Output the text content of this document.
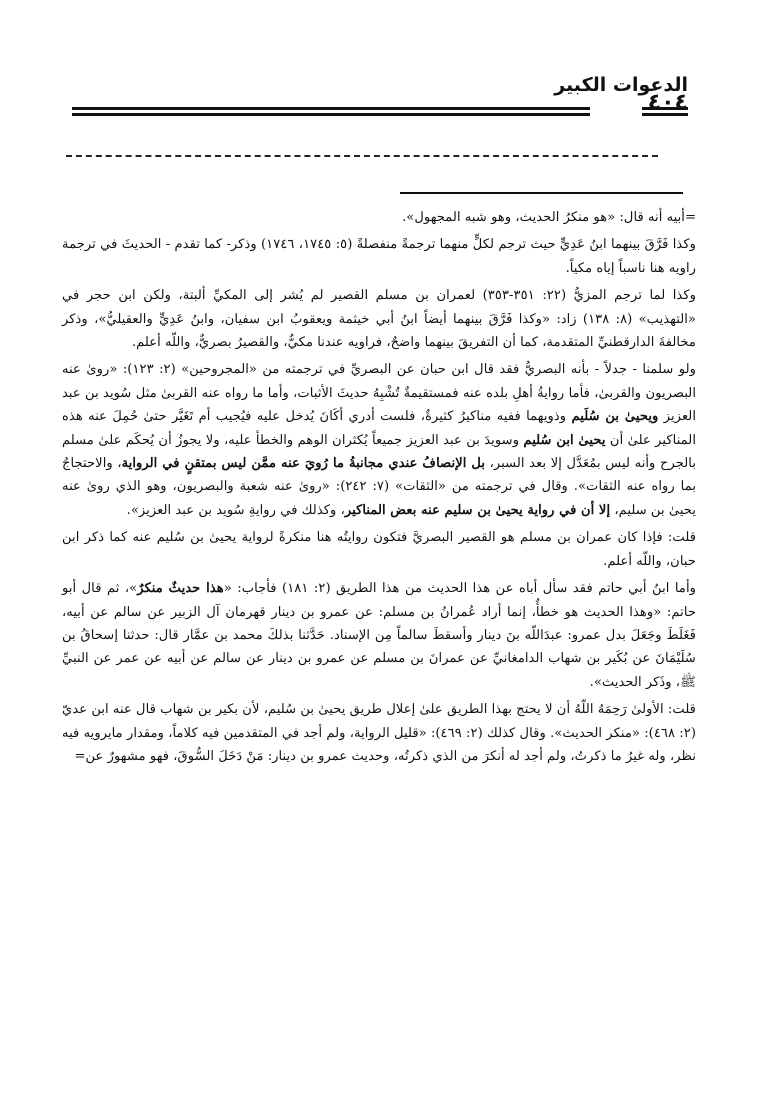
الدعوات الكبير
٤٠٤

=أبيه أنه قال: «هو منكرُ الحديث، وهو شبه المجهول».

وكذا فَرَّقَ بينهما ابنُ عَدِيٍّ حيث ترجم لكلٍّ منهما ترجمةً منفصلةً (٥: ١٧٤٥، ١٧٤٦) وذكر- كما تقدم - الحديثَ في ترجمة راويه هنا ناسباً إياه مكياً.

وكذا لما ترجم المزيُّ (٢٢: ٣٥١-٣٥٣) لعمران بن مسلم القصير لم يُشر إلى المكيِّ ألبتة، ولكن ابن حجر في «التهذيب» (٨: ١٣٨) زاد: «وكذا فَرَّقَ بينهما أيضاً ابنُ أبي خيثمة ويعقوبُ ابن سفيان، وابنُ عَدِيٍّ والعقيليُّ»، وذكر مخالفةَ الدارقطنيِّ المتقدمة، كما أن التفريقَ بينهما واضحٌ، فراويه عندنا مكيٌّ، والقصيرُ بصريٌّ، واللّه أعلم.

ولو سلمنا - جدلاً - بأنه البصريُّ فقد قال ابن حبان عن البصريِّ في ترجمته من «المجروحين» (٢: ١٢٣): «روىٰ عنه البصريون والقربىٰ، فأما روايةُ أهلِ بلده عنه فمستقيمةٌ تُشْبِهُ حديثَ الأثبات، وأما ما رواه عنه القربىٰ مثل سُويد بن عبد العزيز ويحيىٰ بن سُلَيم وذويهما ففيه مناكيرُ كثيرةٌ، فلست أدري أكَانَ يُدخل عليه فيُجيب أم تَغَيَّر حتىٰ حُمِلَ عنه هذه المناكير علىٰ أن يحيىٰ ابن سُليم وسويدَ بن عبد العزيز جميعاً يُكثران الوهم والخطأ عليه، ولا يجوزُ أن يُحكَم علىٰ مسلم بالجرح وأنه ليس بمُعَدَّل إلا بعد السبر، بل الإنصافُ عندي مجانبةُ ما رُويَ عنه ممَّن ليس بمتقنٍ في الرواية، والاحتجاجُ بما رواه عنه الثقات». وقال في ترجمته من «الثقات» (٧: ٢٤٢): «روىٰ عنه شعبة والبصريون، وهو الذي روىٰ عنه يحيىٰ بن سليم، إلا أن في رواية يحيىٰ بن سليم عنه بعض المناكير، وكذلك في روايةِ سُويد بن عبد العزيز».

قلت: فإذا كان عمران بن مسلم هو القصير البصريَّ فتكون روايتُه هنا منكرةً لرواية يحيىٰ بن سُليم عنه كما ذكر ابن حبان، واللّه أعلم.

وأما ابنُ أبي حاتم فقد سأل أباه عن هذا الحديث من هذا الطريق (٢: ١٨١) فأجاب: «هذا حديثٌ منكرٌ»، ثم قال أبو حاتم: «وهذا الحديث هو خطأٌ، إنما أراد عُمرانُ بن مسلم: عن عمرو بن دينار قهرمان آل الزبير عن سالم عن أبيه، فَغَلَطَ وجَعَلَ بدل عمرو: عبدَاللّه بنَ دينار وأسقطَ سالماً مِن الإسناد. حَدَّثنا بذلكَ محمد بن عمَّار قال: حدثنا إسحاقُ بن سُلَيْمَانَ عن بُكَير بن شهاب الدامغانيِّ عن عمرانَ بن مسلم عن عمرو بن دينار عن سالم عن أبيه عن عمر عن النبيِّ ﷺ، وذَكر الحديث».

قلت: الأولىٰ رَحِمَهُ اللّهُ أن لا يحتج بهذا الطريق علىٰ إعلال طريق يحيىٰ بن سُليم، لأن بكير بن شهاب قال عنه ابن عديّ (٢: ٤٦٨): «منكر الحديث». وقال كذلك (٢: ٤٦٩): «قليل الرواية، ولم أجد في المتقدمين فيه كلاماً، ومقدار مايرويه فيه نظر، وله غيرُ ما ذكرتُ، ولم أجد له أنكرَ من الذي ذكرتُه، وحديث عمرو بن دينار: مَنْ دَخَلَ السُّوقَ، فهو مشهورٌ عن=
